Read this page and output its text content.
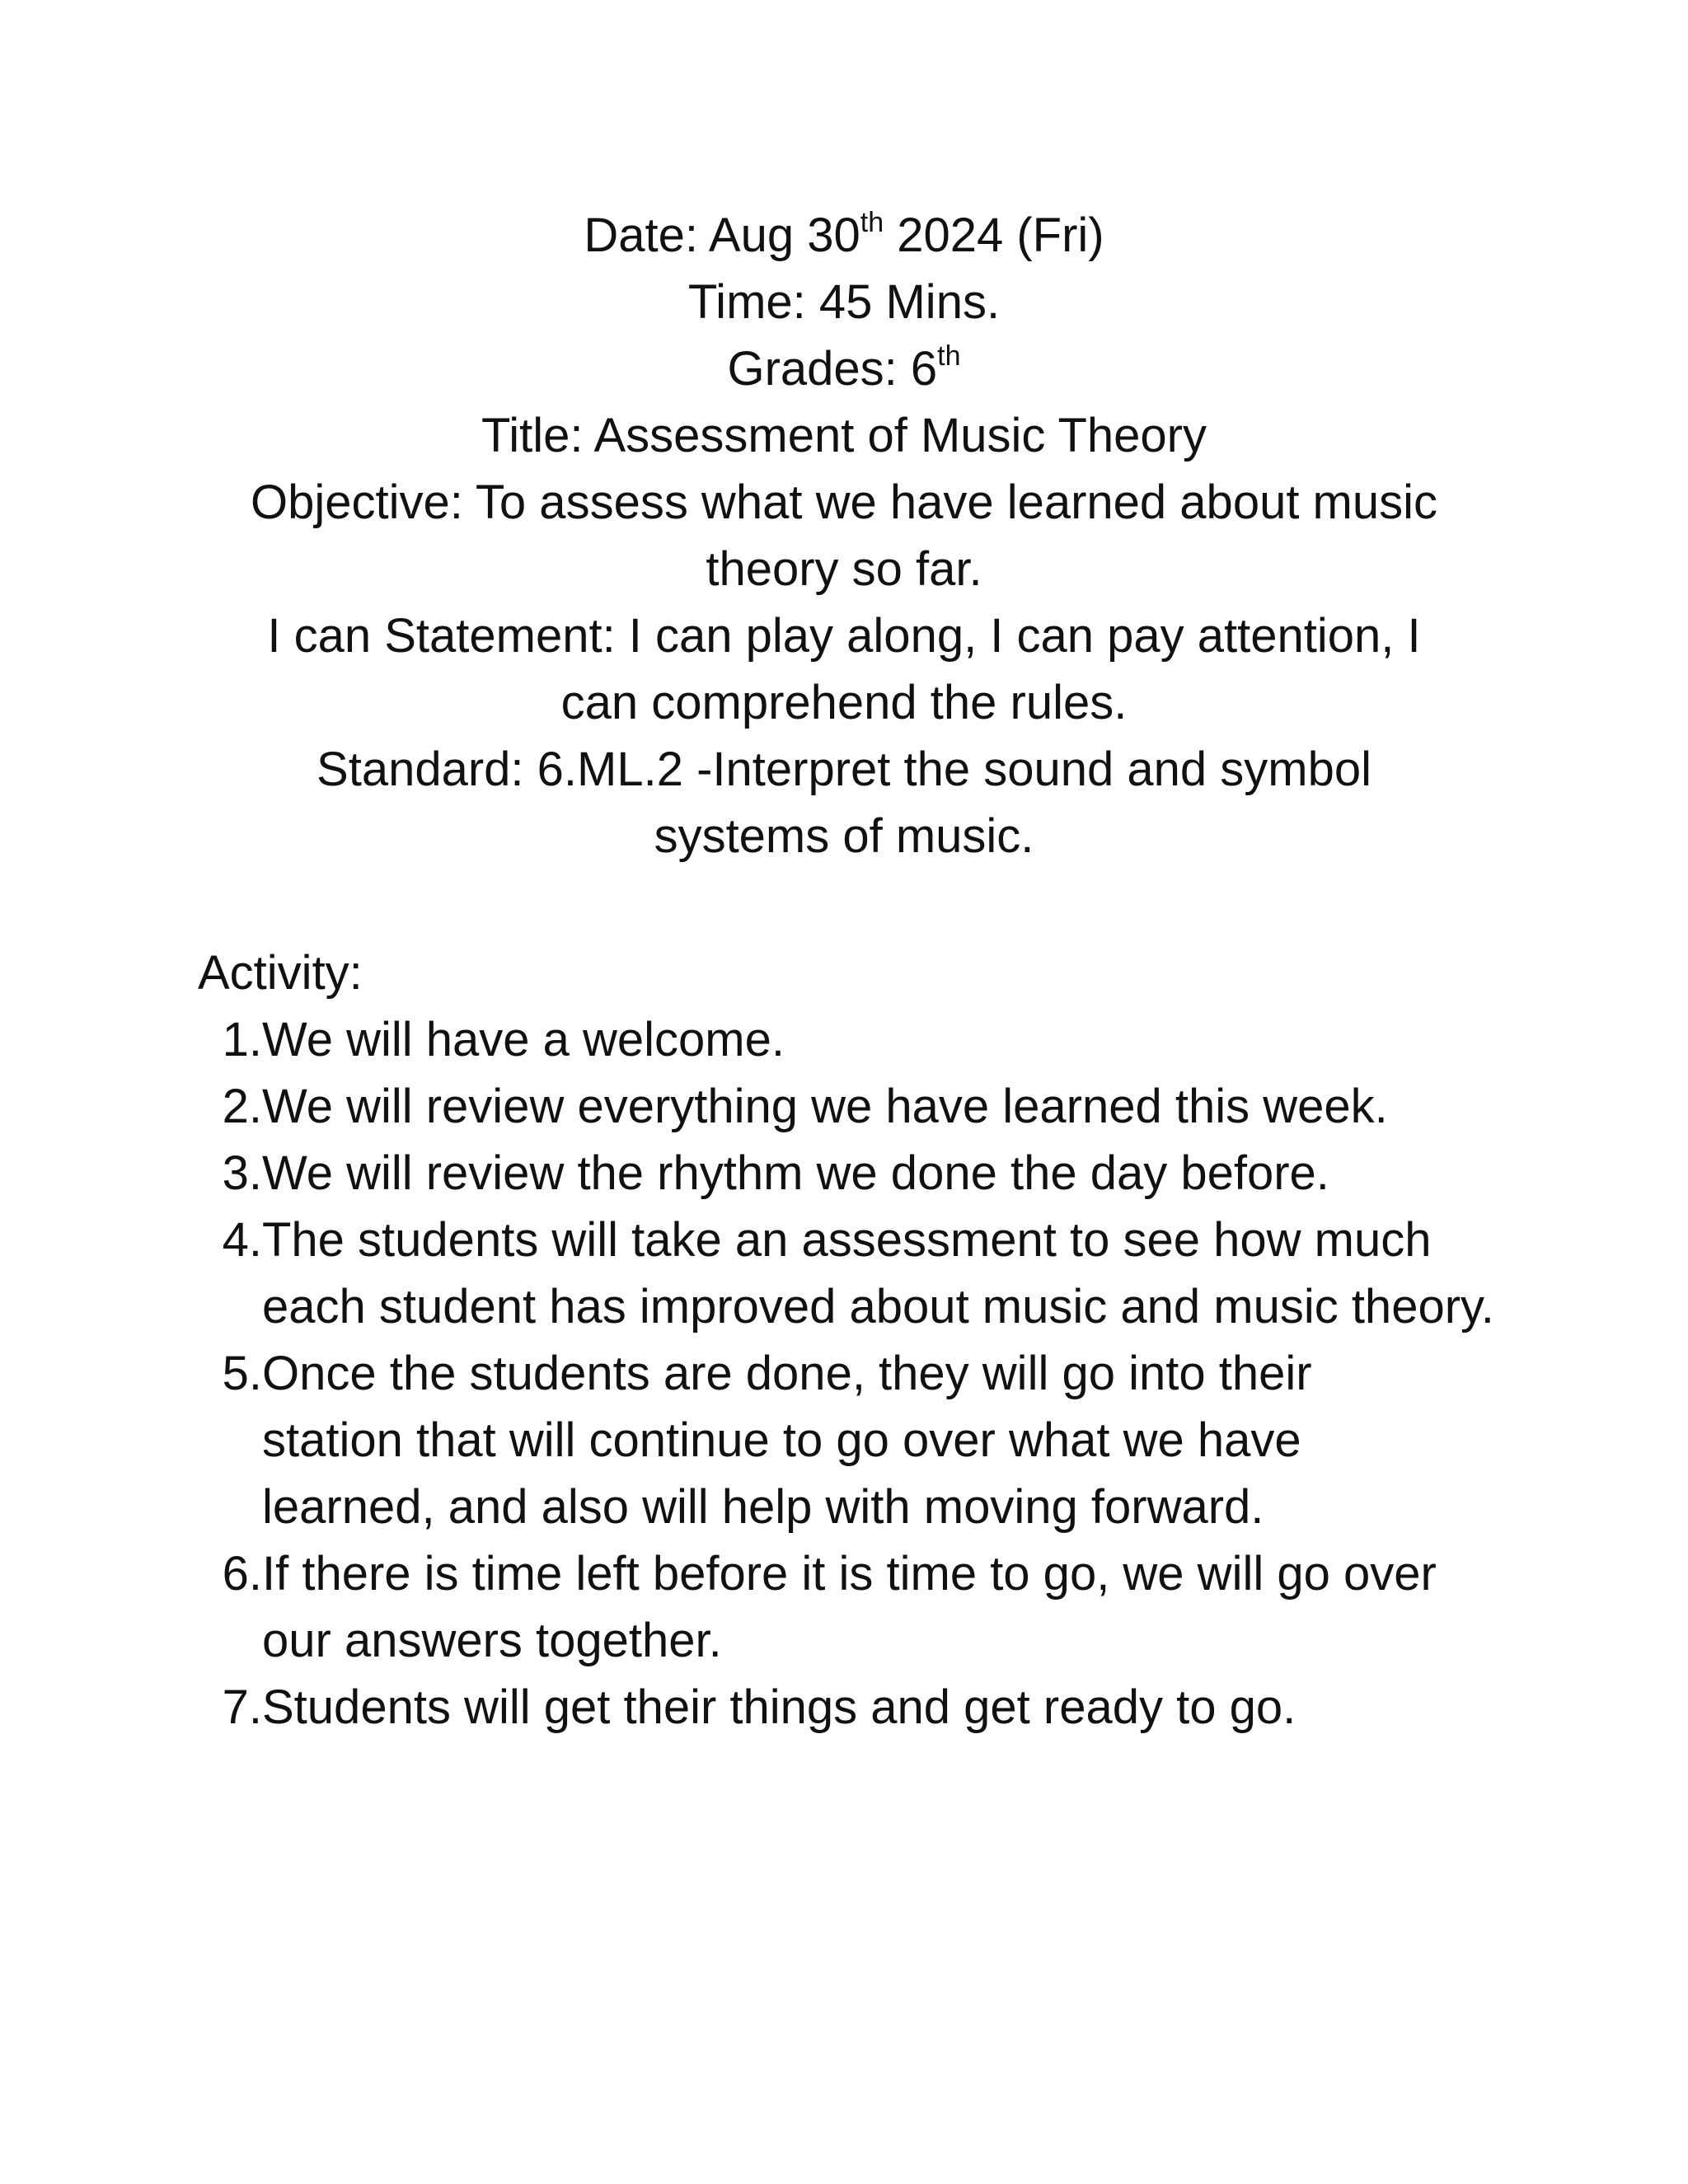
Date: Aug 30th 2024 (Fri)

Time: 45 Mins.

Grades: 6th

Title: Assessment of Music Theory

Objective: To assess what we have learned about music theory so far.

I can Statement: I can play along, I can pay attention, I can comprehend the rules.

Standard: 6.ML.2 -Interpret the sound and symbol systems of music.

Activity:

1. We will have a welcome.
2. We will review everything we have learned this week.
3. We will review the rhythm we done the day before.
4. The students will take an assessment to see how much each student has improved about music and music theory.
5. Once the students are done, they will go into their station that will continue to go over what we have learned, and also will help with moving forward.
6. If there is time left before it is time to go, we will go over our answers together.
7. Students will get their things and get ready to go.
